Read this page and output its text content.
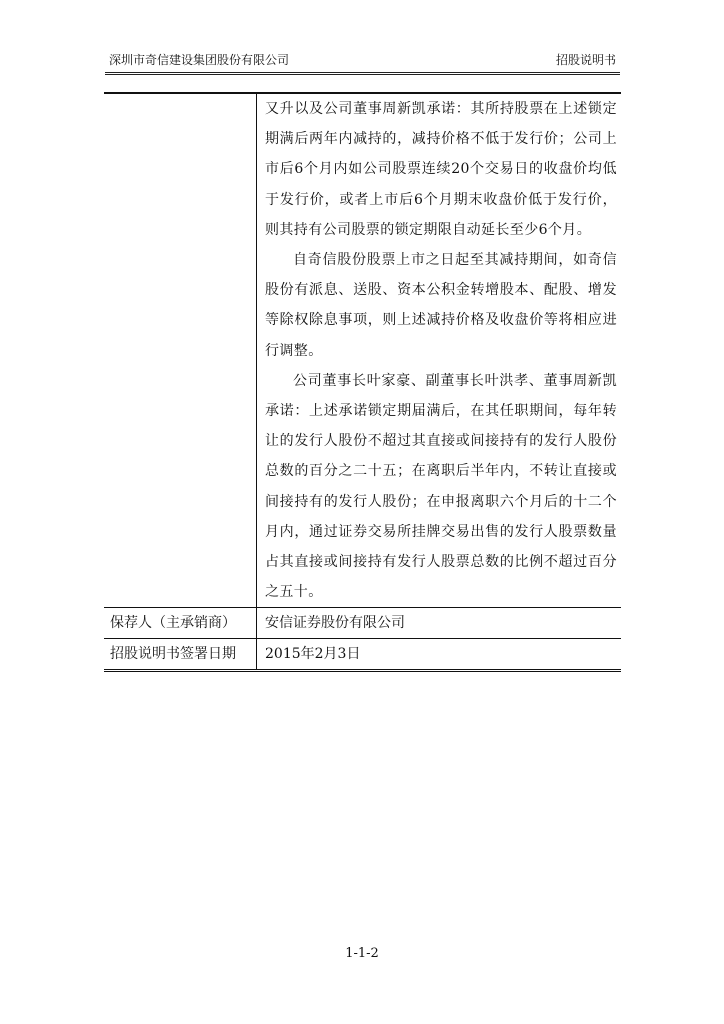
深圳市奇信建设集团股份有限公司	招股说明书

	又升以及公司董事周新凯承诺：其所持股票在上述锁定期满后两年内减持的，减持价格不低于发行价；公司上市后6个月内如公司股票连续20个交易日的收盘价均低于发行价，或者上市后6个月期末收盘价低于发行价，则其持有公司股票的锁定期限自动延长至少6个月。

自奇信股份股票上市之日起至其减持期间，如奇信股份有派息、送股、资本公积金转增股本、配股、增发等除权除息事项，则上述减持价格及收盘价等将相应进行调整。

公司董事长叶家豪、副董事长叶洪孝、董事周新凯承诺：上述承诺锁定期届满后，在其任职期间，每年转让的发行人股份不超过其直接或间接持有的发行人股份总数的百分之二十五；在离职后半年内，不转让直接或间接持有的发行人股份；在申报离职六个月后的十二个月内，通过证券交易所挂牌交易出售的发行人股票数量占其直接或间接持有发行人股票总数的比例不超过百分之五十。

保荐人（主承销商）	安信证券股份有限公司
招股说明书签署日期	2015年2月3日
1-1-2
